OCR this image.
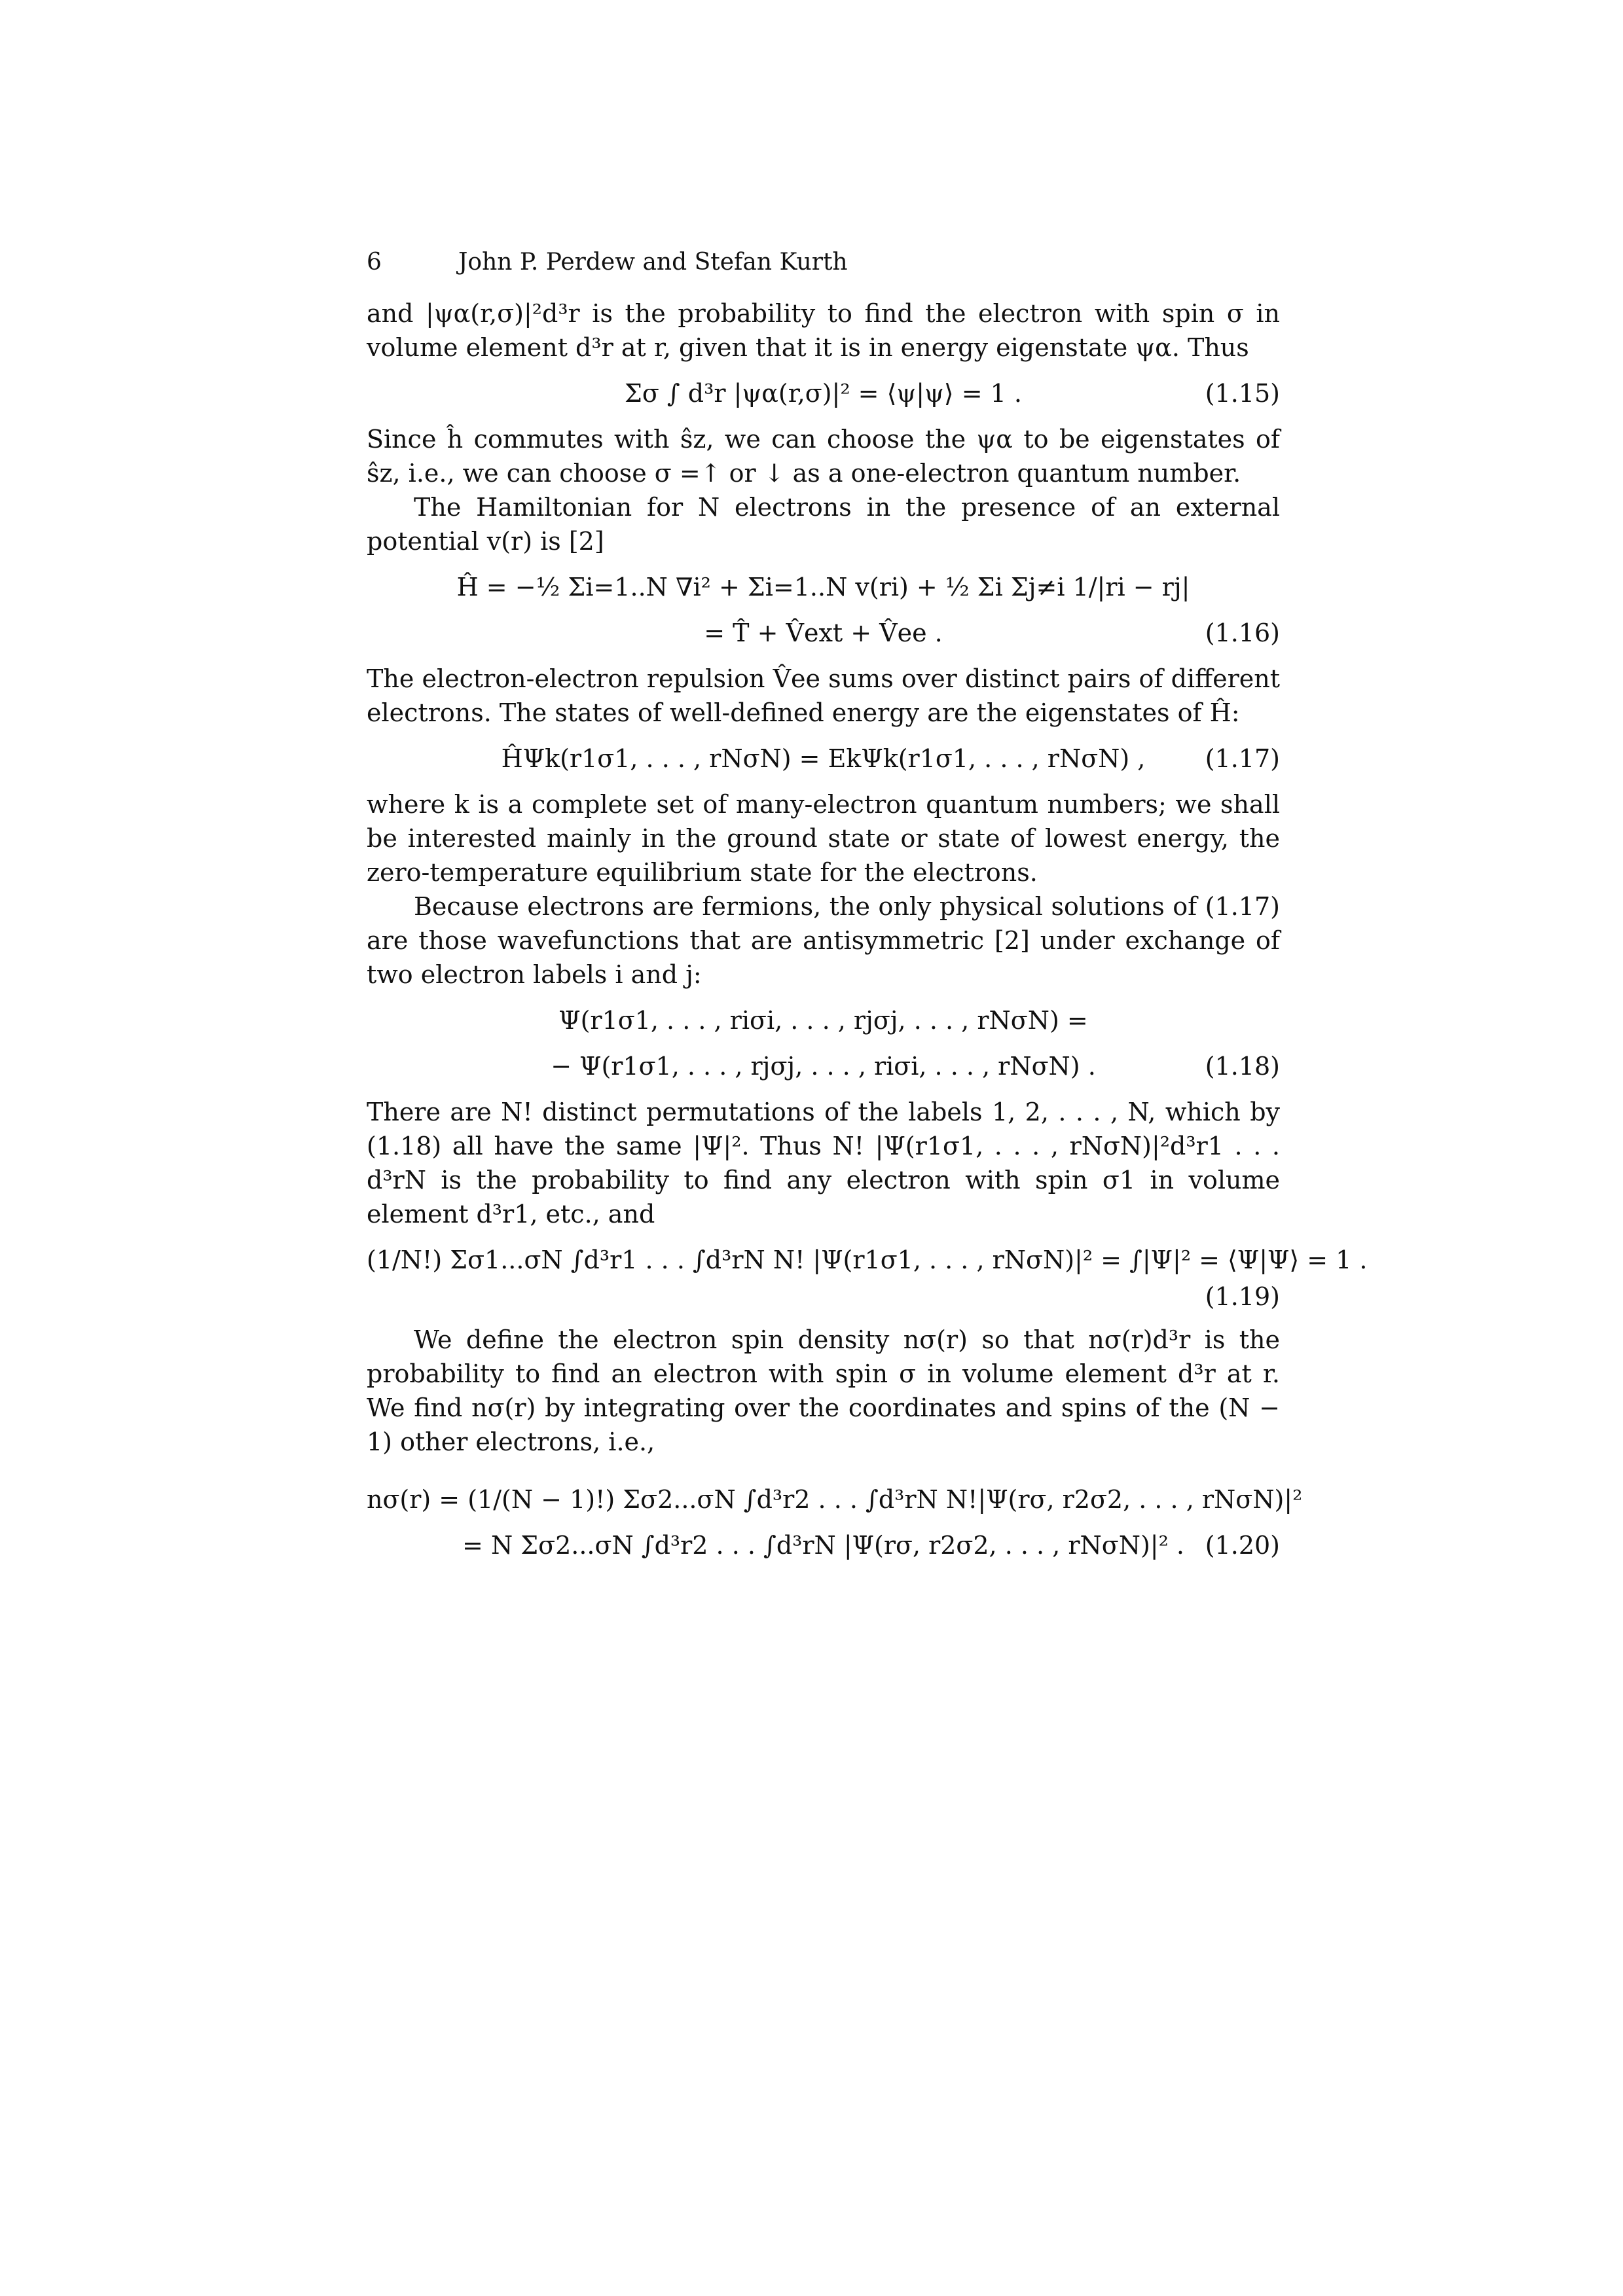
6	John P. Perdew and Stefan Kurth

and |ψα(r,σ)|²d³r is the probability to find the electron with spin σ in volume element d³r at r, given that it is in energy eigenstate ψα. Thus

Σσ ∫ d³r |ψα(r,σ)|² = ⟨ψ|ψ⟩ = 1 .	(1.15)

Since ĥ commutes with ŝz, we can choose the ψα to be eigenstates of ŝz, i.e., we can choose σ =↑ or ↓ as a one-electron quantum number.

The Hamiltonian for N electrons in the presence of an external potential v(r) is [2]

Ĥ = −½ Σi=1..N ∇i² + Σi=1..N v(ri) + ½ Σi Σj≠i 1/|ri − rj|
= T̂ + V̂ext + V̂ee .	(1.16)

The electron-electron repulsion V̂ee sums over distinct pairs of different electrons. The states of well-defined energy are the eigenstates of Ĥ:

ĤΨk(r1σ1, . . . , rNσN) = EkΨk(r1σ1, . . . , rNσN) , (1.17)

where k is a complete set of many-electron quantum numbers; we shall be interested mainly in the ground state or state of lowest energy, the zero-temperature equilibrium state for the electrons.

Because electrons are fermions, the only physical solutions of (1.17) are those wavefunctions that are antisymmetric [2] under exchange of two electron labels i and j:

Ψ(r1σ1, . . . , riσi, . . . , rjσj, . . . , rNσN) =
− Ψ(r1σ1, . . . , rjσj, . . . , riσi, . . . , rNσN) .	(1.18)

There are N! distinct permutations of the labels 1, 2, . . . , N, which by (1.18) all have the same |Ψ|². Thus N! |Ψ(r1σ1, . . . , rNσN)|²d³r1 . . . d³rN is the probability to find any electron with spin σ1 in volume element d³r1, etc., and

(1/N!) Σσ1...σN ∫d³r1 . . . ∫d³rN N! |Ψ(r1σ1, . . . , rNσN)|² = ∫|Ψ|² = ⟨Ψ|Ψ⟩ = 1 .
(1.19)

We define the electron spin density nσ(r) so that nσ(r)d³r is the probability to find an electron with spin σ in volume element d³r at r. We find nσ(r) by integrating over the coordinates and spins of the (N − 1) other electrons, i.e.,

nσ(r) = (1/(N − 1)!) Σσ2...σN ∫d³r2 . . . ∫d³rN N!|Ψ(rσ, r2σ2, . . . , rNσN)|²
= N Σσ2...σN ∫d³r2 . . . ∫d³rN |Ψ(rσ, r2σ2, . . . , rNσN)|² . (1.20)
